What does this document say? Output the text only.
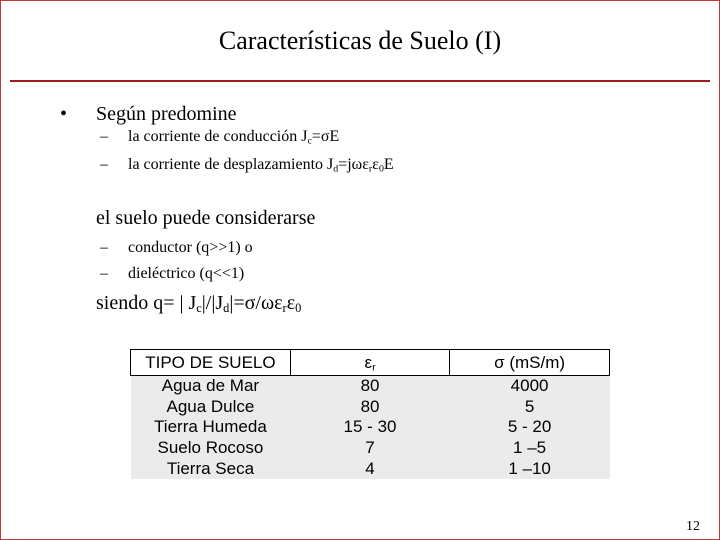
Características de Suelo (I)
• Según predomine
– la corriente de conducción $J_c=\sigma E$
– la corriente de desplazamiento $J_d=j\omega\varepsilon_r\varepsilon_0E$
el suelo puede considerarse
– conductor (q>>1) o
– dieléctrico (q<<1)
siendo q= | $J_c|/|J_d|=\sigma/\omega\varepsilon_r\varepsilon_0$
TIPO DE SUELO	$\varepsilon_r$	σ (mS/m)
Agua de Mar	80	4000
Agua Dulce	80	5
Tierra Humeda	15 - 30	5 - 20
Suelo Rocoso	7	1 –5
Tierra Seca	4	1 –10
12
